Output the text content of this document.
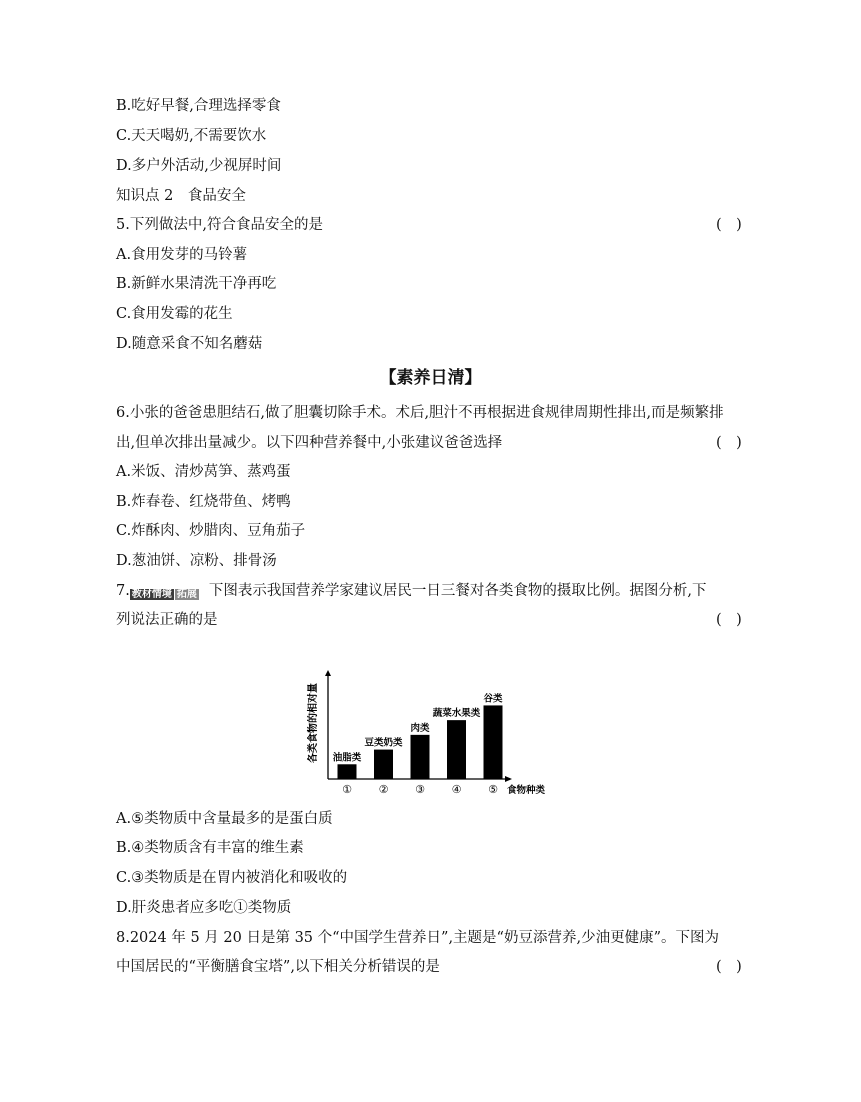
B.吃好早餐,合理选择零食
C.天天喝奶,不需要饮水
D.多户外活动,少视屏时间
知识点 2　食品安全
5.下列做法中,符合食品安全的是	(　)
A.食用发芽的马铃薯
B.新鲜水果清洗干净再吃
C.食用发霉的花生
D.随意采食不知名蘑菇
【素养日清】
6.小张的爸爸患胆结石,做了胆囊切除手术。术后,胆汁不再根据进食规律周期性排出,而是频繁排
出,但单次排出量减少。以下四种营养餐中,小张建议爸爸选择	(　)
A.米饭、清炒莴笋、蒸鸡蛋
B.炸春卷、红烧带鱼、烤鸭
C.炸酥肉、炒腊肉、豆角茄子
D.葱油饼、凉粉、排骨汤
7. 教材情境 拓展 下图表示我国营养学家建议居民一日三餐对各类食物的摄取比例。据图分析,下
列说法正确的是	(　)
各类食物的相对量 油脂类
①
豆类奶类
②
肉类
③
蔬菜水果类
④
谷类
⑤ 食物种类
A.⑤类物质中含量最多的是蛋白质
B.④类物质含有丰富的维生素
C.③类物质是在胃内被消化和吸收的
D.肝炎患者应多吃①类物质
8.2024 年 5 月 20 日是第 35 个“中国学生营养日”,主题是“奶豆添营养,少油更健康”。下图为
中国居民的“平衡膳食宝塔”,以下相关分析错误的是	(　)
